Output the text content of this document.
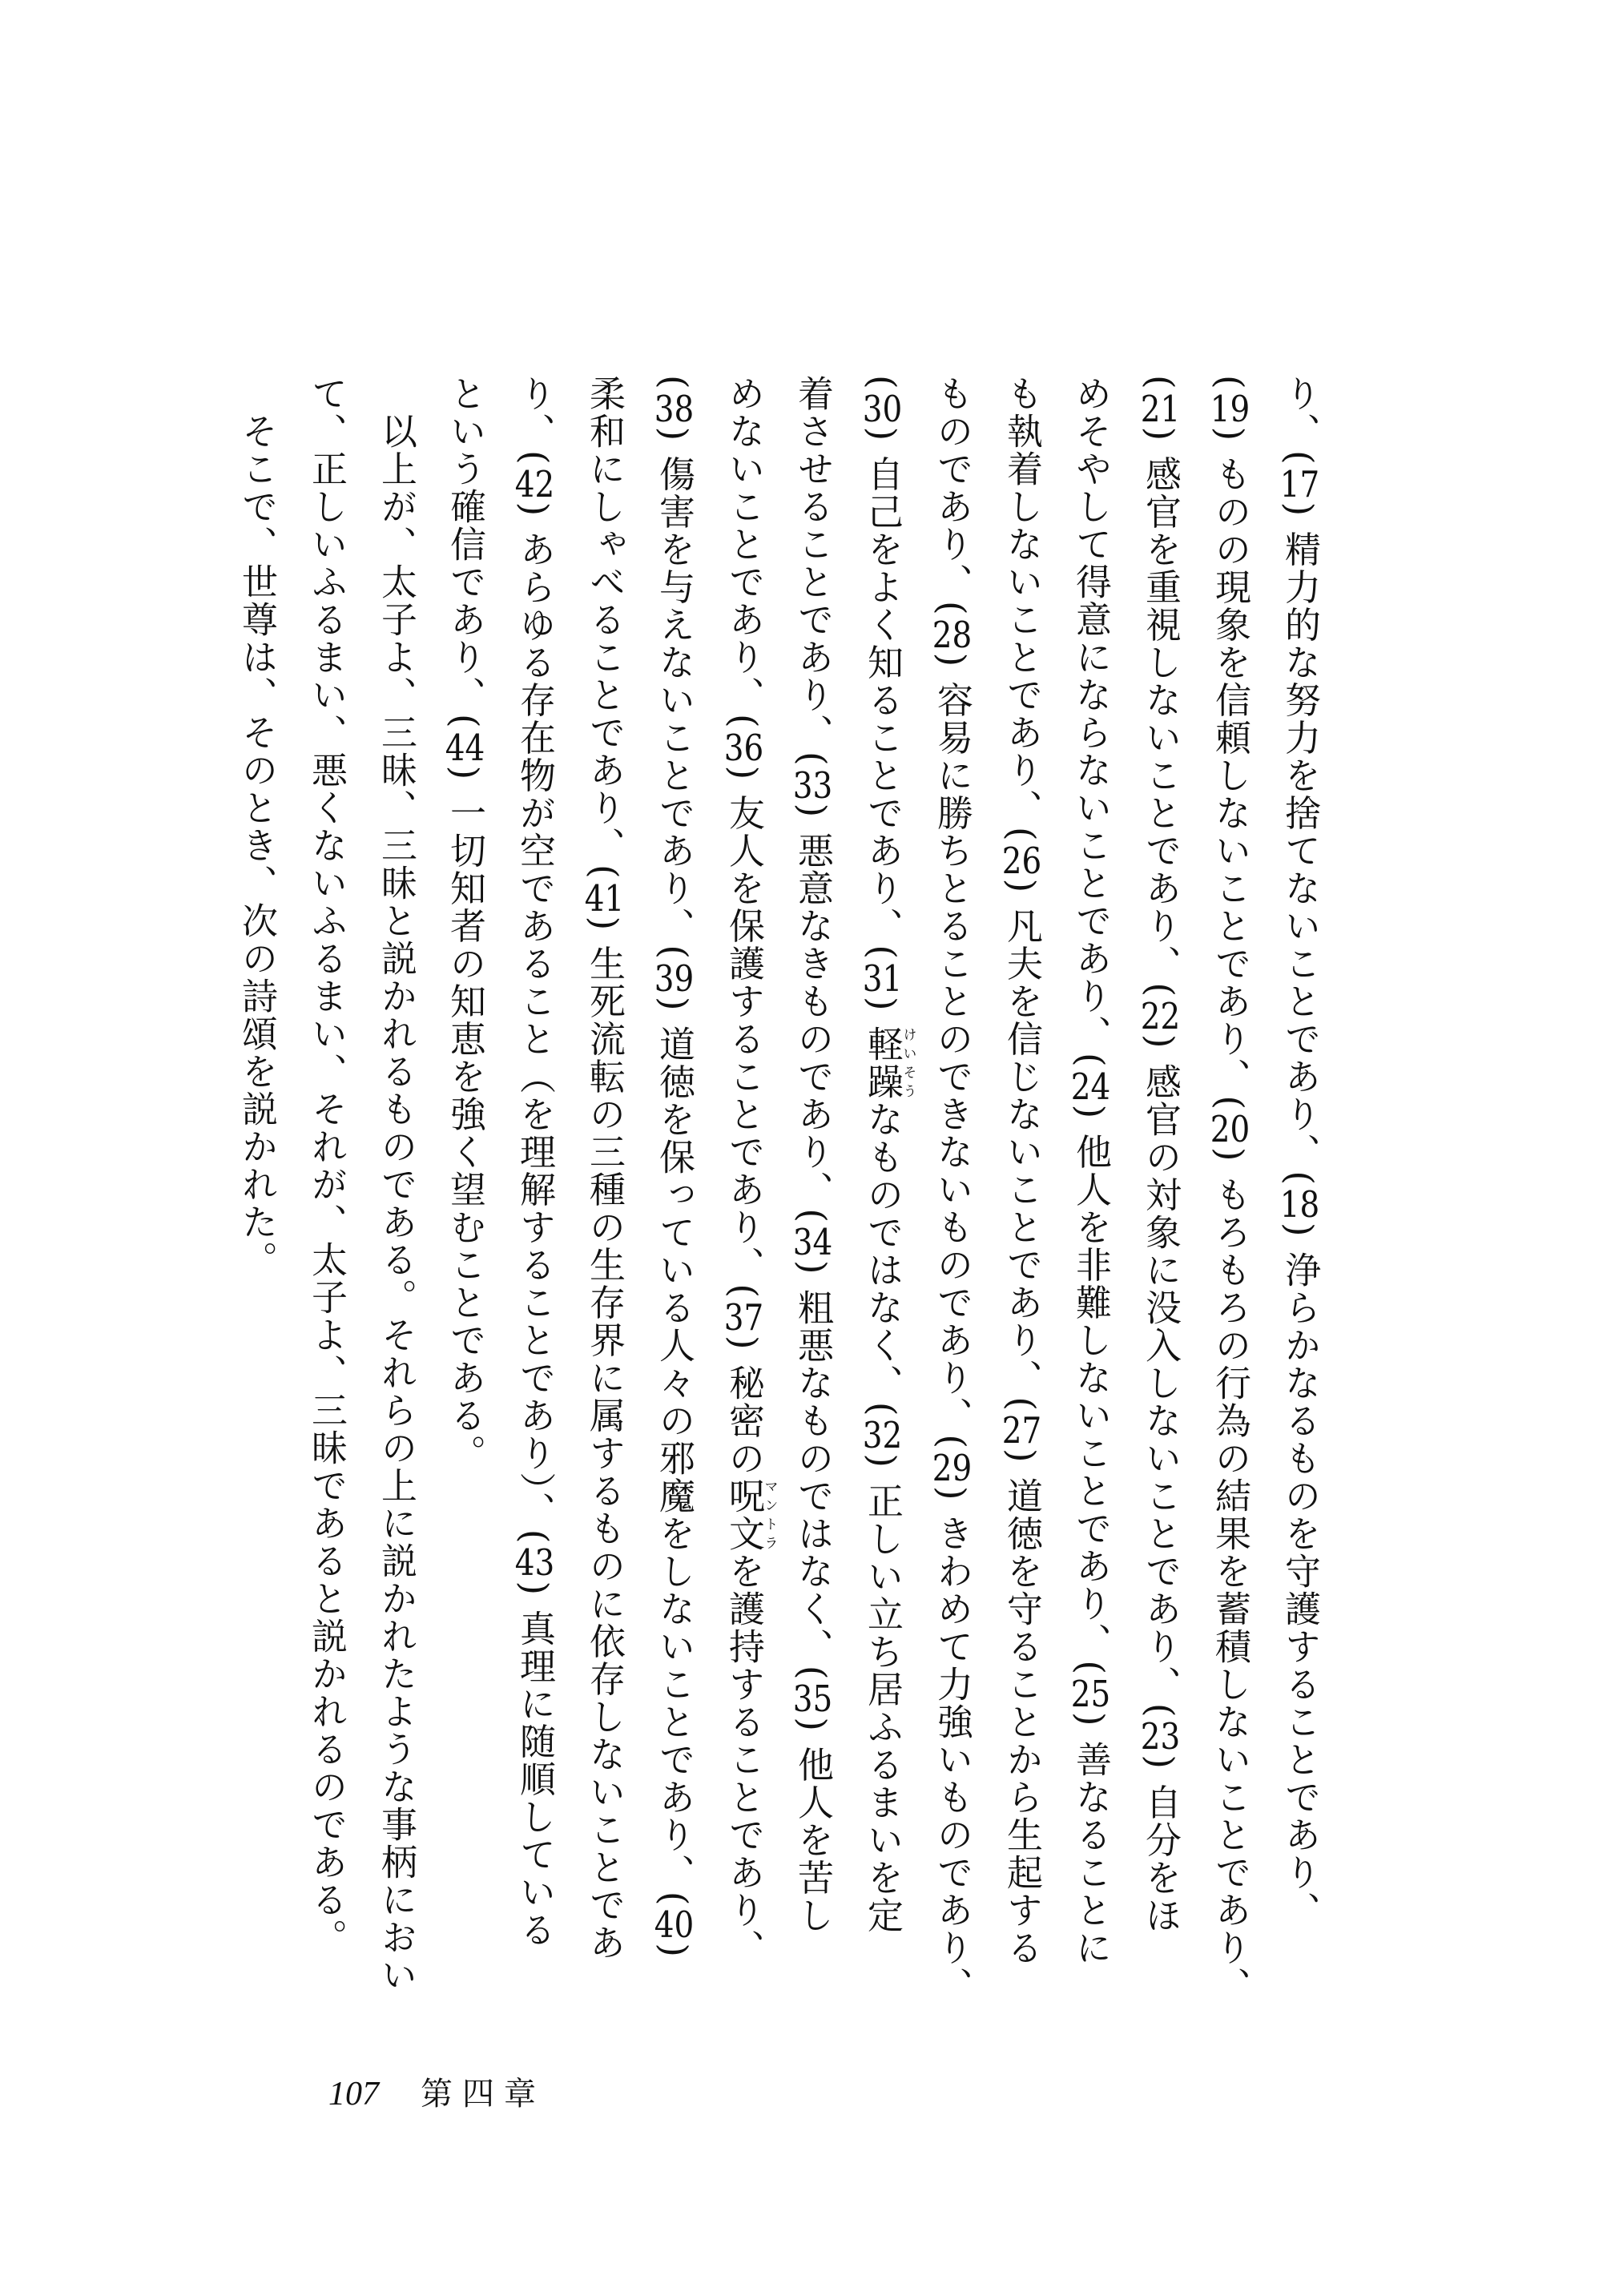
り、(17) 精力的な努力を捨てないことであり、(18) 浄らかなるものを守護することであり、
(19) ものの現象を信頼しないことであり、(20) もろもろの行為の結果を蓄積しないことであり、
(21) 感官を重視しないことであり、(22) 感官の対象に没入しないことであり、(23) 自分をほ
めそやして得意にならないことであり、(24) 他人を非難しないことであり、(25) 善なることに
も執着しないことであり、(26) 凡夫を信じないことであり、(27) 道徳を守ることから生起する
ものであり、(28) 容易に勝ちとることのできないものであり、(29) きわめて力強いものであり、
(30) 自己をよく知ることであり、(31) 軽躁けいそうなものではなく、(32) 正しい立ち居ふるまいを定
着させることであり、(33) 悪意なきものであり、(34) 粗悪なものではなく、(35) 他人を苦し
めないことであり、(36) 友人を保護することであり、(37) 秘密の呪文マントラを護持することであり、
(38) 傷害を与えないことであり、(39) 道徳を保っている人々の邪魔をしないことであり、(40)
柔和にしゃべることであり、(41) 生死流転の三種の生存界に属するものに依存しないことであ
り、(42) あらゆる存在物が空であること（を理解することであり）、(43) 真理に随順している
という確信であり、(44) 一切知者の知恵を強く望むことである。
　以上が、太子よ、三昧、三昧と説かれるものである。それらの上に説かれたような事柄におい
て、正しいふるまい、悪くないふるまい、それが、太子よ、三昧であると説かれるのである。
　そこで、世尊は、そのとき、次の詩頌を説かれた。
107 第四章
